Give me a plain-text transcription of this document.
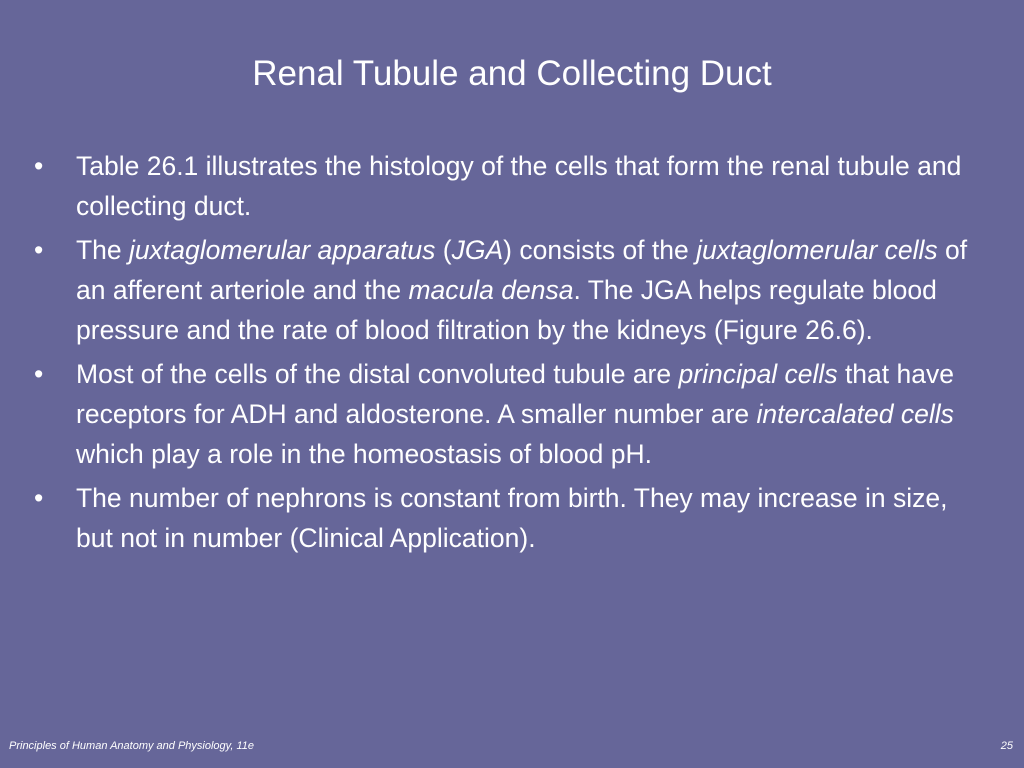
Renal Tubule and Collecting Duct
• Table 26.1 illustrates the histology of the cells that form the renal tubule and collecting duct.
• The juxtaglomerular apparatus (JGA) consists of the juxtaglomerular cells of an afferent arteriole and the macula densa. The JGA helps regulate blood pressure and the rate of blood filtration by the kidneys (Figure 26.6).
• Most of the cells of the distal convoluted tubule are principal cells that have receptors for ADH and aldosterone. A smaller number are intercalated cells which play a role in the homeostasis of blood pH.
• The number of nephrons is constant from birth. They may increase in size, but not in number (Clinical Application).
Principles of Human Anatomy and Physiology, 11e	25
